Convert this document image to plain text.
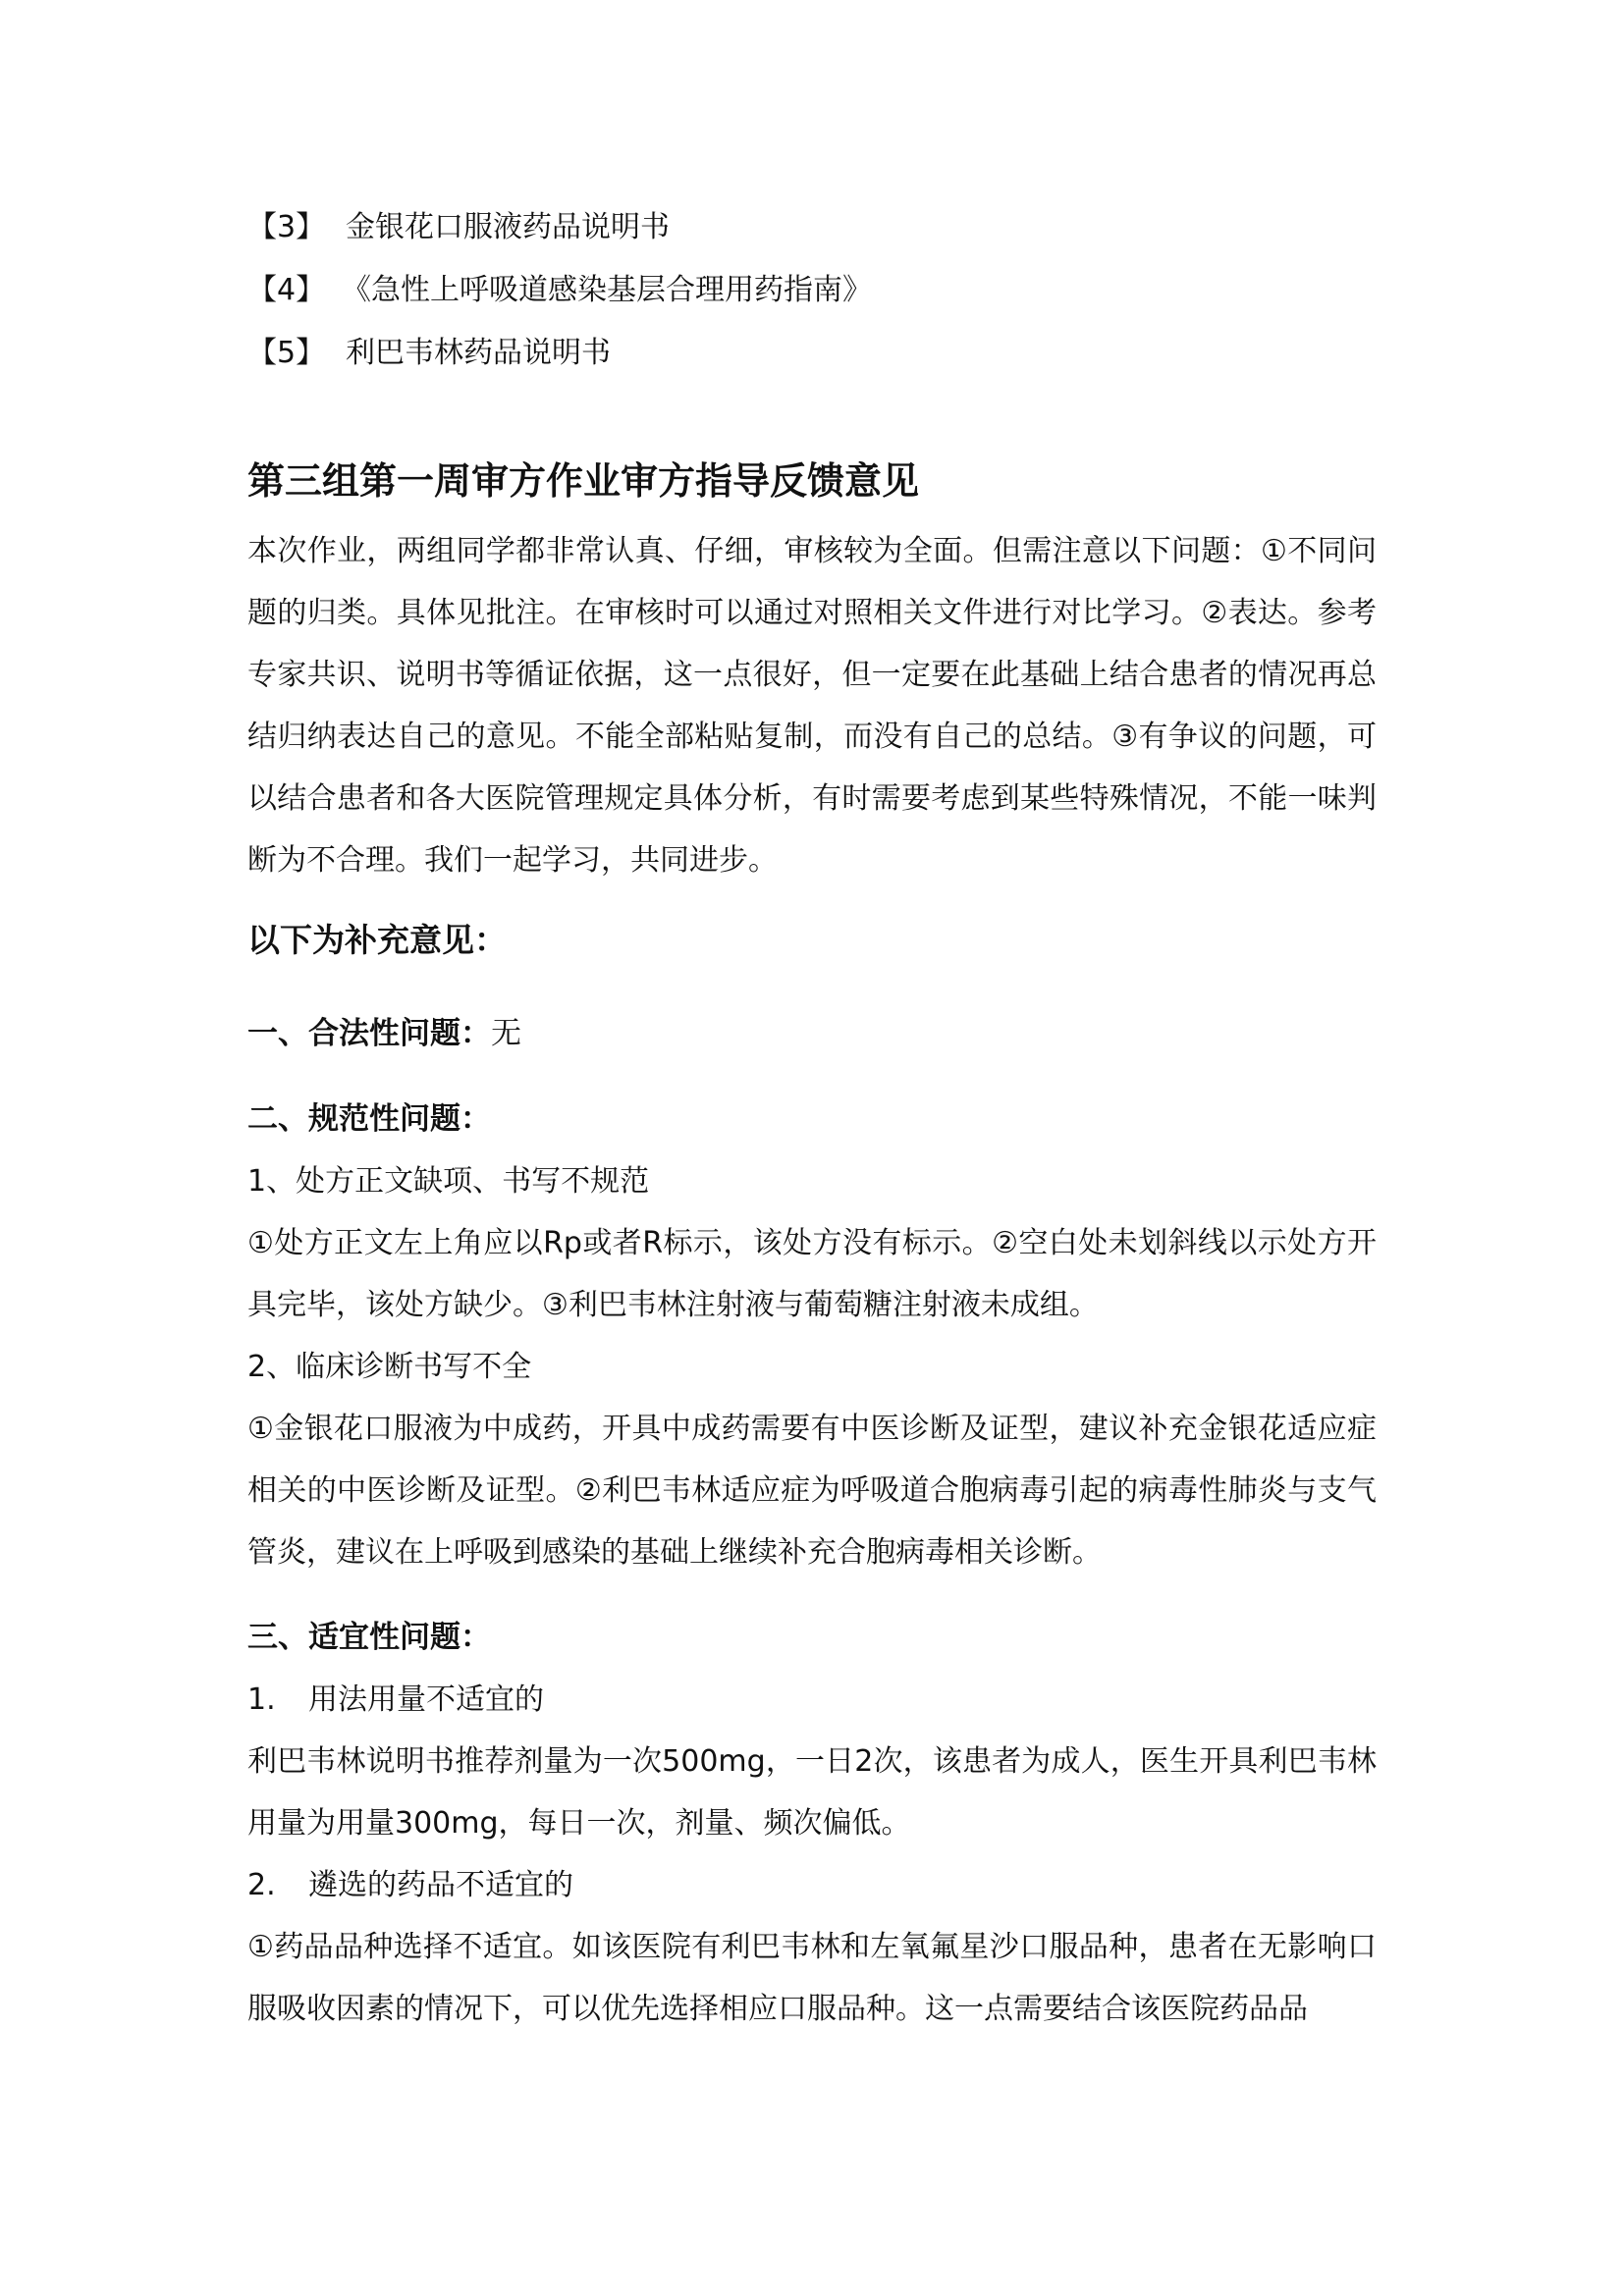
【3】 金银花口服液药品说明书
【4】 《急性上呼吸道感染基层合理用药指南》
【5】 利巴韦林药品说明书
第三组第一周审方作业审方指导反馈意见

本次作业，两组同学都非常认真、仔细，审核较为全面。但需注意以下问题：①不同问题的归类。具体见批注。在审核时可以通过对照相关文件进行对比学习。②表达。参考专家共识、说明书等循证依据，这一点很好，但一定要在此基础上结合患者的情况再总结归纳表达自己的意见。不能全部粘贴复制，而没有自己的总结。③有争议的问题，可以结合患者和各大医院管理规定具体分析，有时需要考虑到某些特殊情况，不能一味判断为不合理。我们一起学习，共同进步。

以下为补充意见：
一、合法性问题：无
二、规范性问题：

1、处方正文缺项、书写不规范

①处方正文左上角应以Rp或者R标示，该处方没有标示。②空白处未划斜线以示处方开具完毕，该处方缺少。③利巴韦林注射液与葡萄糖注射液未成组。

2、临床诊断书写不全

①金银花口服液为中成药，开具中成药需要有中医诊断及证型，建议补充金银花适应症相关的中医诊断及证型。②利巴韦林适应症为呼吸道合胞病毒引起的病毒性肺炎与支气管炎，建议在上呼吸到感染的基础上继续补充合胞病毒相关诊断。

三、适宜性问题：

1. 用法用量不适宜的

利巴韦林说明书推荐剂量为一次500mg，一日2次，该患者为成人，医生开具利巴韦林用量为用量300mg，每日一次，剂量、频次偏低。

2. 遴选的药品不适宜的

①药品品种选择不适宜。如该医院有利巴韦林和左氧氟星沙口服品种，患者在无影响口服吸收因素的情况下，可以优先选择相应口服品种。这一点需要结合该医院药品品
